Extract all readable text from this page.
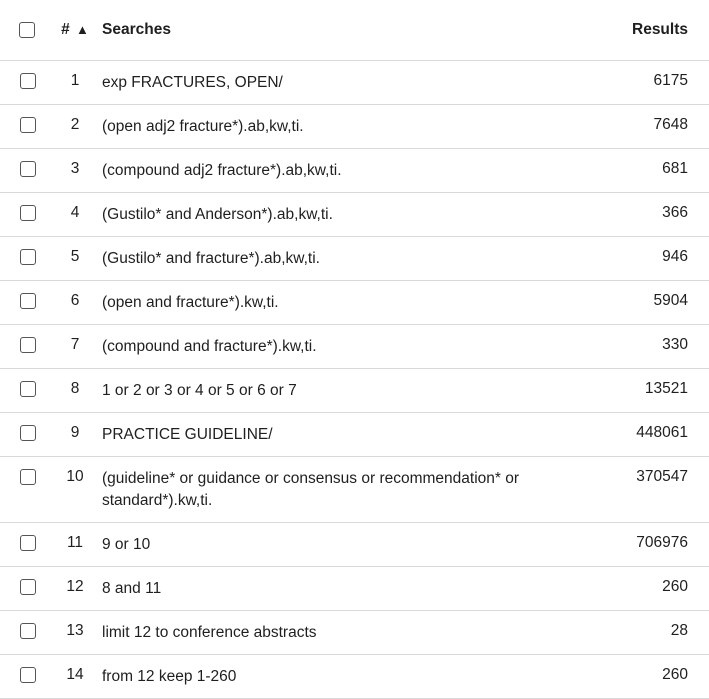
	# ▲	Searches	Results

	1	exp FRACTURES, OPEN/	6175

	2	(open adj2 fracture*).ab,kw,ti.	7648

	3	(compound adj2 fracture*).ab,kw,ti.	681

	4	(Gustilo* and Anderson*).ab,kw,ti.	366

	5	(Gustilo* and fracture*).ab,kw,ti.	946

	6	(open and fracture*).kw,ti.	5904

	7	(compound and fracture*).kw,ti.	330

	8	1 or 2 or 3 or 4 or 5 or 6 or 7	13521

	9	PRACTICE GUIDELINE/	448061

	10	(guideline* or guidance or consensus or recommendation* or standard*).kw,ti.	370547

	11	9 or 10	706976

	12	8 and 11	260

	13	limit 12 to conference abstracts	28

	14	from 12 keep 1-260	260
